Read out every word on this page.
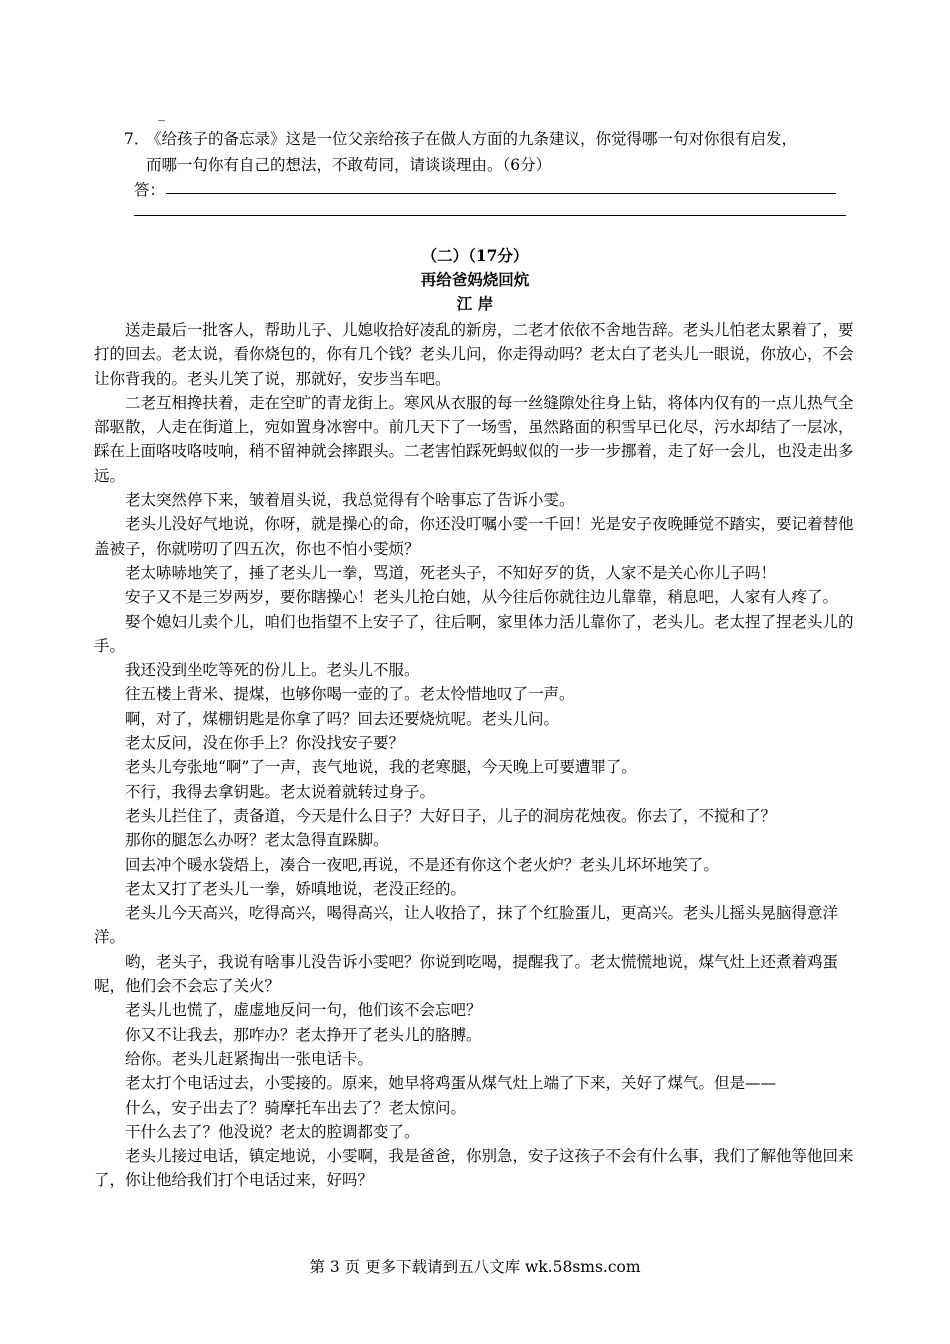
_
7．《给孩子的备忘录》这是一位父亲给孩子在做人方面的九条建议，你觉得哪一句对你很有启发，
而哪一句你有自己的想法，不敢苟同，请谈谈理由。（6分）
答：
（二）（17分）
再给爸妈烧回炕
江 岸

送走最后一批客人，帮助儿子、儿媳收拾好凌乱的新房，二老才依依不舍地告辞。老头儿怕老太累着了，要打的回去。老太说，看你烧包的，你有几个钱？老头儿问，你走得动吗？老太白了老头儿一眼说，你放心，不会让你背我的。老头儿笑了说，那就好，安步当车吧。

二老互相搀扶着，走在空旷的青龙街上。寒风从衣服的每一丝缝隙处往身上钻，将体内仅有的一点儿热气全部驱散，人走在街道上，宛如置身冰窖中。前几天下了一场雪，虽然路面的积雪早已化尽，污水却结了一层冰，踩在上面咯吱咯吱响，稍不留神就会摔跟头。二老害怕踩死蚂蚁似的一步一步挪着，走了好一会儿，也没走出多远。

老太突然停下来，皱着眉头说，我总觉得有个啥事忘了告诉小雯。

老头儿没好气地说，你呀，就是操心的命，你还没叮嘱小雯一千回！光是安子夜晚睡觉不踏实，要记着替他盖被子，你就唠叨了四五次，你也不怕小雯烦？

老太哧哧地笑了，捶了老头儿一拳，骂道，死老头子，不知好歹的货，人家不是关心你儿子吗！

安子又不是三岁两岁，要你瞎操心！老头儿抢白她，从今往后你就往边儿靠靠，稍息吧，人家有人疼了。

娶个媳妇儿卖个儿，咱们也指望不上安子了，往后啊，家里体力活儿靠你了，老头儿。老太捏了捏老头儿的手。

我还没到坐吃等死的份儿上。老头儿不服。

往五楼上背米、提煤，也够你喝一壶的了。老太怜惜地叹了一声。

啊，对了，煤棚钥匙是你拿了吗？回去还要烧炕呢。老头儿问。

老太反问，没在你手上？你没找安子要？

老头儿夸张地“啊”了一声，丧气地说，我的老寒腿，今天晚上可要遭罪了。

不行，我得去拿钥匙。老太说着就转过身子。

老头儿拦住了，责备道，今天是什么日子？大好日子，儿子的洞房花烛夜。你去了，不搅和了？

那你的腿怎么办呀？老太急得直跺脚。

回去冲个暖水袋焐上，凑合一夜吧,再说，不是还有你这个老火炉？老头儿坏坏地笑了。

老太又打了老头儿一拳，娇嗔地说，老没正经的。

老头儿今天高兴，吃得高兴，喝得高兴，让人收拾了，抹了个红脸蛋儿，更高兴。老头儿摇头晃脑得意洋洋。

哟，老头子，我说有啥事儿没告诉小雯吧？你说到吃喝，提醒我了。老太慌慌地说，煤气灶上还煮着鸡蛋呢，他们会不会忘了关火？

老头儿也慌了，虚虚地反问一句，他们该不会忘吧？

你又不让我去，那咋办？老太挣开了老头儿的胳膊。

给你。老头儿赶紧掏出一张电话卡。

老太打个电话过去，小雯接的。原来，她早将鸡蛋从煤气灶上端了下来，关好了煤气。但是——

什么，安子出去了？骑摩托车出去了？老太惊问。

干什么去了？他没说？老太的腔调都变了。

老头儿接过电话，镇定地说，小雯啊，我是爸爸，你别急，安子这孩子不会有什么事，我们了解他等他回来了，你让他给我们打个电话过来，好吗？

第 3 页 更多下载请到五八文库 wk.58sms.com
